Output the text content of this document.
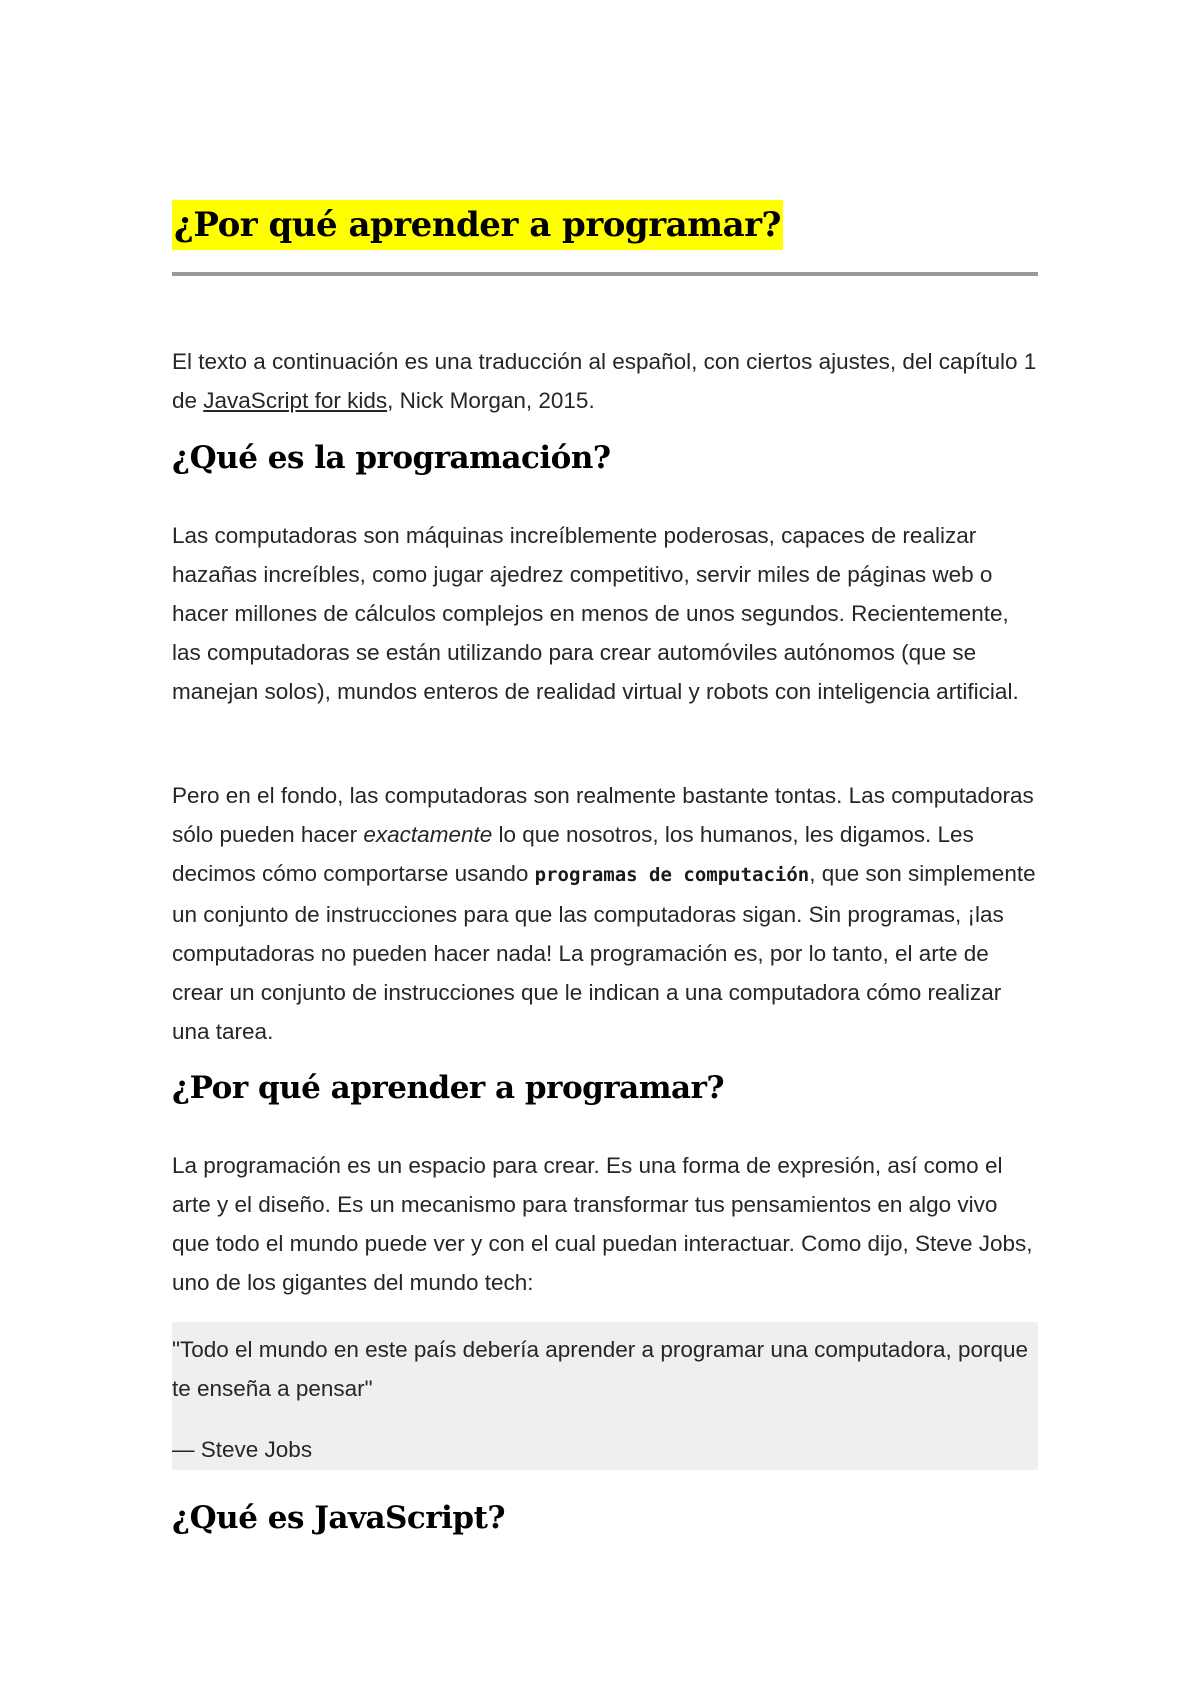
¿Por qué aprender a programar?

El texto a continuación es una traducción al español, con ciertos ajustes, del capítulo 1 de JavaScript for kids, Nick Morgan, 2015.

¿Qué es la programación?

Las computadoras son máquinas increíblemente poderosas, capaces de realizar hazañas increíbles, como jugar ajedrez competitivo, servir miles de páginas web o hacer millones de cálculos complejos en menos de unos segundos. Recientemente, las computadoras se están utilizando para crear automóviles autónomos (que se manejan solos), mundos enteros de realidad virtual y robots con inteligencia artificial.

Pero en el fondo, las computadoras son realmente bastante tontas. Las computadoras sólo pueden hacer exactamente lo que nosotros, los humanos, les digamos. Les decimos cómo comportarse usando programas de computación, que son simplemente un conjunto de instrucciones para que las computadoras sigan. Sin programas, ¡las computadoras no pueden hacer nada! La programación es, por lo tanto, el arte de crear un conjunto de instrucciones que le indican a una computadora cómo realizar una tarea.

¿Por qué aprender a programar?

La programación es un espacio para crear. Es una forma de expresión, así como el arte y el diseño. Es un mecanismo para transformar tus pensamientos en algo vivo que todo el mundo puede ver y con el cual puedan interactuar. Como dijo, Steve Jobs, uno de los gigantes del mundo tech:

"Todo el mundo en este país debería aprender a programar una computadora, porque te enseña a pensar"

— Steve Jobs

¿Qué es JavaScript?
